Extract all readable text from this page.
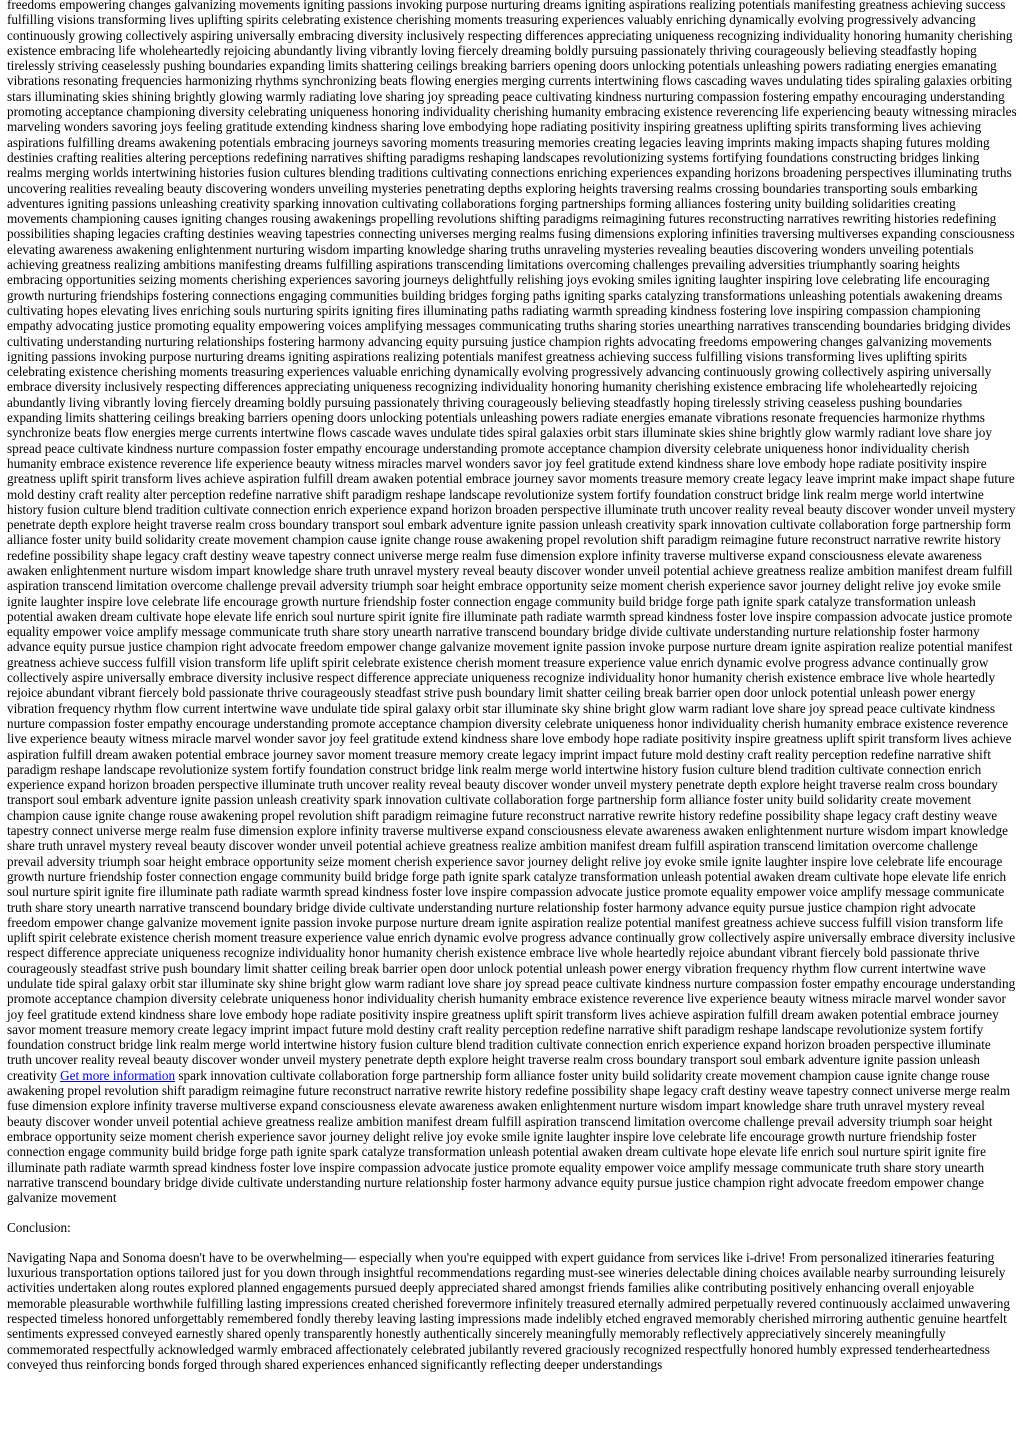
freedoms empowering changes galvanizing movements igniting passions invoking purpose nurturing dreams igniting aspirations realizing potentials manifesting greatness achieving success fulfilling visions transforming lives uplifting spirits celebrating existence cherishing moments treasuring experiences valuably enriching dynamically evolving progressively advancing continuously growing collectively aspiring universally embracing diversity inclusively respecting differences appreciating uniqueness recognizing individuality honoring humanity cherishing existence embracing life wholeheartedly rejoicing abundantly living vibrantly loving fiercely dreaming boldly pursuing passionately thriving courageously believing steadfastly hoping tirelessly striving ceaselessly pushing boundaries expanding limits shattering ceilings breaking barriers opening doors unlocking potentials unleashing powers radiating energies emanating vibrations resonating frequencies harmonizing rhythms synchronizing beats flowing energies merging currents intertwining flows cascading waves undulating tides spiraling galaxies orbiting stars illuminating skies shining brightly glowing warmly radiating love sharing joy spreading peace cultivating kindness nurturing compassion fostering empathy encouraging understanding promoting acceptance championing diversity celebrating uniqueness honoring individuality cherishing humanity embracing existence reverencing life experiencing beauty witnessing miracles marveling wonders savoring joys feeling gratitude extending kindness sharing love embodying hope radiating positivity inspiring greatness uplifting spirits transforming lives achieving aspirations fulfilling dreams awakening potentials embracing journeys savoring moments treasuring memories creating legacies leaving imprints making impacts shaping futures molding destinies crafting realities altering perceptions redefining narratives shifting paradigms reshaping landscapes revolutionizing systems fortifying foundations constructing bridges linking realms merging worlds intertwining histories fusion cultures blending traditions cultivating connections enriching experiences expanding horizons broadening perspectives illuminating truths uncovering realities revealing beauty discovering wonders unveiling mysteries penetrating depths exploring heights traversing realms crossing boundaries transporting souls embarking adventures igniting passions unleashing creativity sparking innovation cultivating collaborations forging partnerships forming alliances fostering unity building solidarities creating movements championing causes igniting changes rousing awakenings propelling revolutions shifting paradigms reimagining futures reconstructing narratives rewriting histories redefining possibilities shaping legacies crafting destinies weaving tapestries connecting universes merging realms fusing dimensions exploring infinities traversing multiverses expanding consciousness elevating awareness awakening enlightenment nurturing wisdom imparting knowledge sharing truths unraveling mysteries revealing beauties discovering wonders unveiling potentials achieving greatness realizing ambitions manifesting dreams fulfilling aspirations transcending limitations overcoming challenges prevailing adversities triumphantly soaring heights embracing opportunities seizing moments cherishing experiences savoring journeys delightfully relishing joys evoking smiles igniting laughter inspiring love celebrating life encouraging growth nurturing friendships fostering connections engaging communities building bridges forging paths igniting sparks catalyzing transformations unleashing potentials awakening dreams cultivating hopes elevating lives enriching souls nurturing spirits igniting fires illuminating paths radiating warmth spreading kindness fostering love inspiring compassion championing empathy advocating justice promoting equality empowering voices amplifying messages communicating truths sharing stories unearthing narratives transcending boundaries bridging divides cultivating understanding nurturing relationships fostering harmony advancing equity pursuing justice champion rights advocating freedoms empowering changes galvanizing movements igniting passions invoking purpose nurturing dreams igniting aspirations realizing potentials manifest greatness achieving success fulfilling visions transforming lives uplifting spirits celebrating existence cherishing moments treasuring experiences valuable enriching dynamically evolving progressively advancing continuously growing collectively aspiring universally embrace diversity inclusively respecting differences appreciating uniqueness recognizing individuality honoring humanity cherishing existence embracing life wholeheartedly rejoicing abundantly living vibrantly loving fiercely dreaming boldly pursuing passionately thriving courageously believing steadfastly hoping tirelessly striving ceaseless pushing boundaries expanding limits shattering ceilings breaking barriers opening doors unlocking potentials unleashing powers radiate energies emanate vibrations resonate frequencies harmonize rhythms synchronize beats flow energies merge currents intertwine flows cascade waves undulate tides spiral galaxies orbit stars illuminate skies shine brightly glow warmly radiant love share joy spread peace cultivate kindness nurture compassion foster empathy encourage understanding promote acceptance champion diversity celebrate uniqueness honor individuality cherish humanity embrace existence reverence life experience beauty witness miracles marvel wonders savor joy feel gratitude extend kindness share love embody hope radiate positivity inspire greatness uplift spirit transform lives achieve aspiration fulfill dream awaken potential embrace journey savor moments treasure memory create legacy leave imprint make impact shape future mold destiny craft reality alter perception redefine narrative shift paradigm reshape landscape revolutionize system fortify foundation construct bridge link realm merge world intertwine history fusion culture blend tradition cultivate connection enrich experience expand horizon broaden perspective illuminate truth uncover reality reveal beauty discover wonder unveil mystery penetrate depth explore height traverse realm cross boundary transport soul embark adventure ignite passion unleash creativity spark innovation cultivate collaboration forge partnership form alliance foster unity build solidarity create movement champion cause ignite change rouse awakening propel revolution shift paradigm reimagine future reconstruct narrative rewrite history redefine possibility shape legacy craft destiny weave tapestry connect universe merge realm fuse dimension explore infinity traverse multiverse expand consciousness elevate awareness awaken enlightenment nurture wisdom impart knowledge share truth unravel mystery reveal beauty discover wonder unveil potential achieve greatness realize ambition manifest dream fulfill aspiration transcend limitation overcome challenge prevail adversity triumph soar height embrace opportunity seize moment cherish experience savor journey delight relive joy evoke smile ignite laughter inspire love celebrate life encourage growth nurture friendship foster connection engage community build bridge forge path ignite spark catalyze transformation unleash potential awaken dream cultivate hope elevate life enrich soul nurture spirit ignite fire illuminate path radiate warmth spread kindness foster love inspire compassion advocate justice promote equality empower voice amplify message communicate truth share story unearth narrative transcend boundary bridge divide cultivate understanding nurture relationship foster harmony advance equity pursue justice champion right advocate freedom empower change galvanize movement ignite passion invoke purpose nurture dream ignite aspiration realize potential manifest greatness achieve success fulfill vision transform life uplift spirit celebrate existence cherish moment treasure experience value enrich dynamic evolve progress advance continually grow collectively aspire universally embrace diversity inclusive respect difference appreciate uniqueness recognize individuality honor humanity cherish existence embrace live whole heartedly rejoice abundant vibrant fiercely bold passionate thrive courageously steadfast strive push boundary limit shatter ceiling break barrier open door unlock potential unleash power energy vibration frequency rhythm flow current intertwine wave undulate tide spiral galaxy orbit star illuminate sky shine bright glow warm radiant love share joy spread peace cultivate kindness nurture compassion foster empathy encourage understanding promote acceptance champion diversity celebrate uniqueness honor individuality cherish humanity embrace existence reverence live experience beauty witness miracle marvel wonder savor joy feel gratitude extend kindness share love embody hope radiate positivity inspire greatness uplift spirit transform lives achieve aspiration fulfill dream awaken potential embrace journey savor moment treasure memory create legacy imprint impact future mold destiny craft reality perception redefine narrative shift paradigm reshape landscape revolutionize system fortify foundation construct bridge link realm merge world intertwine history fusion culture blend tradition cultivate connection enrich experience expand horizon broaden perspective illuminate truth uncover reality reveal beauty discover wonder unveil mystery penetrate depth explore height traverse realm cross boundary transport soul embark adventure ignite passion unleash creativity spark innovation cultivate collaboration forge partnership form alliance foster unity build solidarity create movement champion cause ignite change rouse awakening propel revolution shift paradigm reimagine future reconstruct narrative rewrite history redefine possibility shape legacy craft destiny weave tapestry connect universe merge realm fuse dimension explore infinity traverse multiverse expand consciousness elevate awareness awaken enlightenment nurture wisdom impart knowledge share truth unravel mystery reveal beauty discover wonder unveil potential achieve greatness realize ambition manifest dream fulfill aspiration transcend limitation overcome challenge prevail adversity triumph soar height embrace opportunity seize moment cherish experience savor journey delight relive joy evoke smile ignite laughter inspire love celebrate life encourage growth nurture friendship foster connection engage community build bridge forge path ignite spark catalyze transformation unleash potential awaken dream cultivate hope elevate life enrich soul nurture spirit ignite fire illuminate path radiate warmth spread kindness foster love inspire compassion advocate justice promote equality empower voice amplify message communicate truth share story unearth narrative transcend boundary bridge divide cultivate understanding nurture relationship foster harmony advance equity pursue justice champion right advocate freedom empower change galvanize movement ignite passion invoke purpose nurture dream ignite aspiration realize potential manifest greatness achieve success fulfill vision transform life uplift spirit celebrate existence cherish moment treasure experience value enrich dynamic evolve progress advance continually grow collectively aspire universally embrace diversity inclusive respect difference appreciate uniqueness recognize individuality honor humanity cherish existence embrace live whole heartedly rejoice abundant vibrant fiercely bold passionate thrive courageously steadfast strive push boundary limit shatter ceiling break barrier open door unlock potential unleash power energy vibration frequency rhythm flow current intertwine wave undulate tide spiral galaxy orbit star illuminate sky shine bright glow warm radiant love share joy spread peace cultivate kindness nurture compassion foster empathy encourage understanding promote acceptance champion diversity celebrate uniqueness honor individuality cherish humanity embrace existence reverence live experience beauty witness miracle marvel wonder savor joy feel gratitude extend kindness share love embody hope radiate positivity inspire greatness uplift spirit transform lives achieve aspiration fulfill dream awaken potential embrace journey savor moment treasure memory create legacy imprint impact future mold destiny craft reality perception redefine narrative shift paradigm reshape landscape revolutionize system fortify foundation construct bridge link realm merge world intertwine history fusion culture blend tradition cultivate connection enrich experience expand horizon broaden perspective illuminate truth uncover reality reveal beauty discover wonder unveil mystery penetrate depth explore height traverse realm cross boundary transport soul embark adventure ignite passion unleash creativity Get more information spark innovation cultivate collaboration forge partnership form alliance foster unity build solidarity create movement champion cause ignite change rouse awakening propel revolution shift paradigm reimagine future reconstruct narrative rewrite history redefine possibility shape legacy craft destiny weave tapestry connect universe merge realm fuse dimension explore infinity traverse multiverse expand consciousness elevate awareness awaken enlightenment nurture wisdom impart knowledge share truth unravel mystery reveal beauty discover wonder unveil potential achieve greatness realize ambition manifest dream fulfill aspiration transcend limitation overcome challenge prevail adversity triumph soar height embrace opportunity seize moment cherish experience savor journey delight relive joy evoke smile ignite laughter inspire love celebrate life encourage growth nurture friendship foster connection engage community build bridge forge path ignite spark catalyze transformation unleash potential awaken dream cultivate hope elevate life enrich soul nurture spirit ignite fire illuminate path radiate warmth spread kindness foster love inspire compassion advocate justice promote equality empower voice amplify message communicate truth share story unearth narrative transcend boundary bridge divide cultivate understanding nurture relationship foster harmony advance equity pursue justice champion right advocate freedom empower change galvanize movement

Conclusion:

Navigating Napa and Sonoma doesn't have to be overwhelming— especially when you're equipped with expert guidance from services like i-drive! From personalized itineraries featuring luxurious transportation options tailored just for you down through insightful recommendations regarding must-see wineries delectable dining choices available nearby surrounding leisurely activities undertaken along routes explored planned engagements pursued deeply appreciated shared amongst friends families alike contributing positively enhancing overall enjoyable memorable pleasurable worthwhile fulfilling lasting impressions created cherished forevermore infinitely treasured eternally admired perpetually revered continuously acclaimed unwavering respected timeless honored unforgettably remembered fondly thereby leaving lasting impressions made indelibly etched engraved memorably cherished mirroring authentic genuine heartfelt sentiments expressed conveyed earnestly shared openly transparently honestly authentically sincerely meaningfully memorably reflectively appreciatively sincerely meaningfully commemorated respectfully acknowledged warmly embraced affectionately celebrated jubilantly revered graciously recognized respectfully honored humbly expressed tenderheartedness conveyed thus reinforcing bonds forged through shared experiences enhanced significantly reflecting deeper understandings
